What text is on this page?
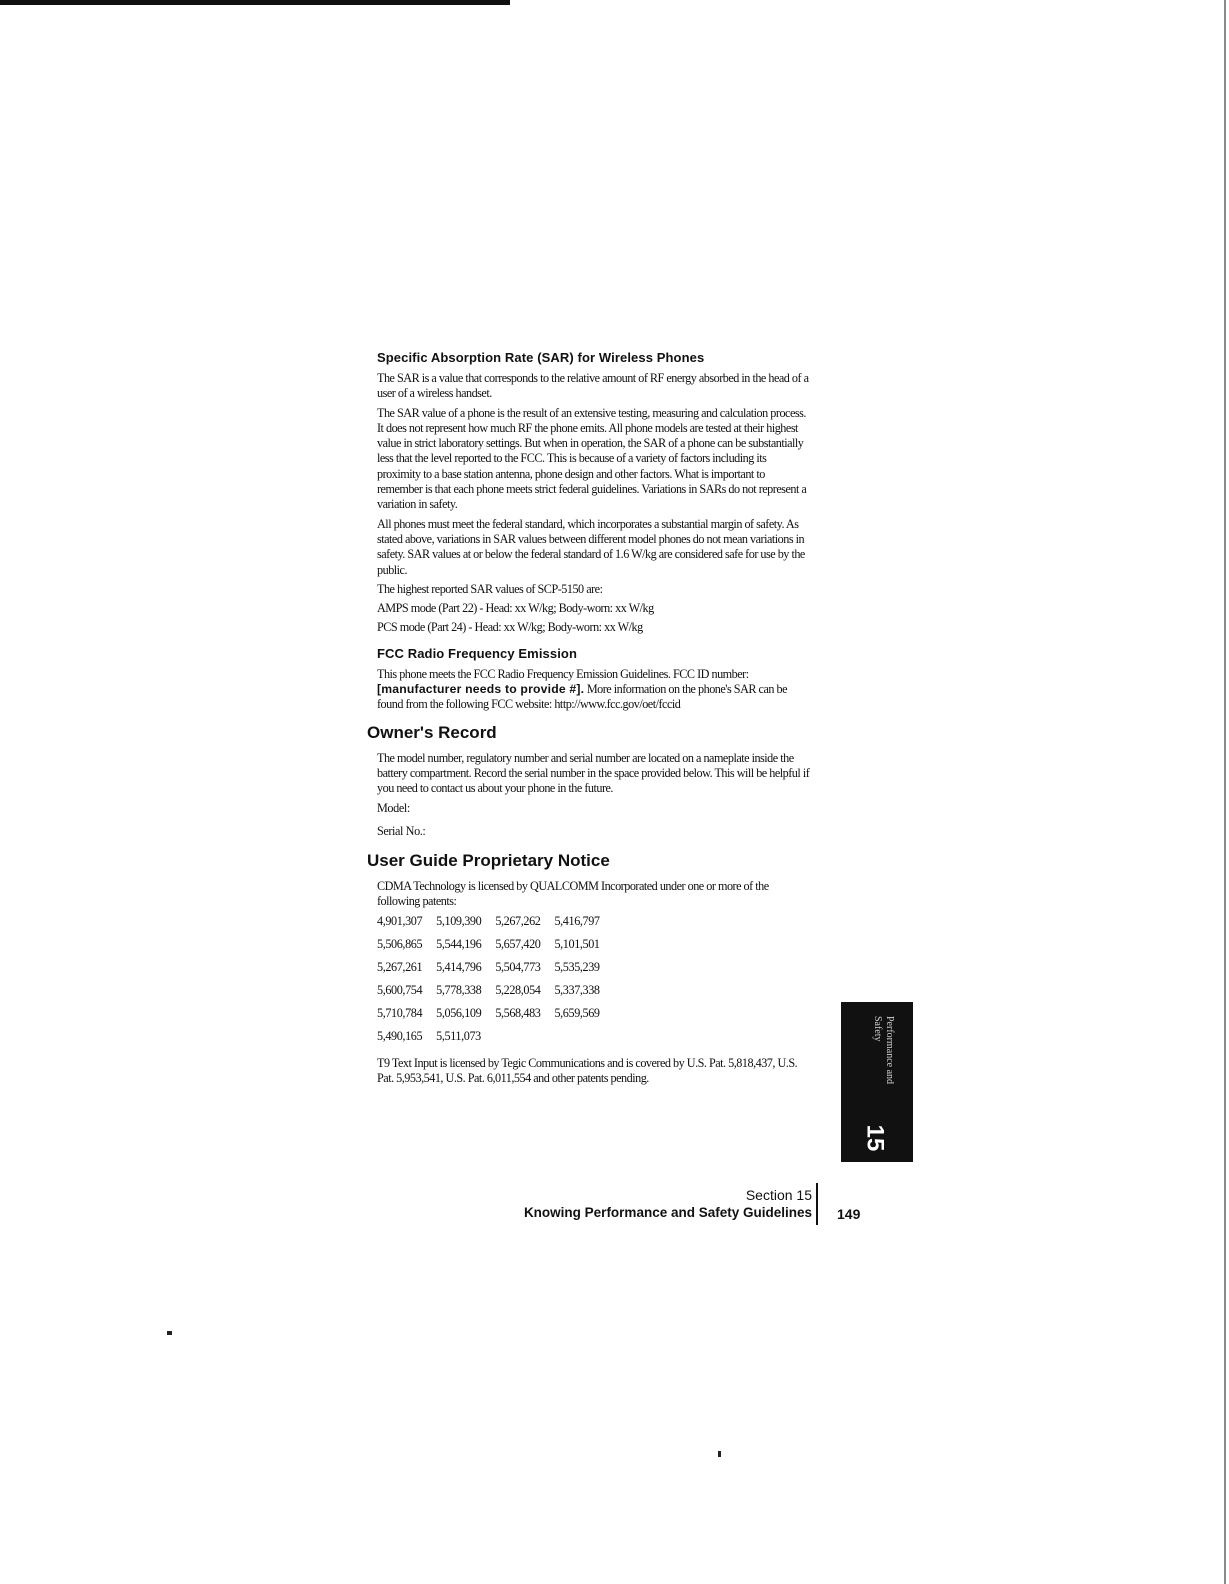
Specific Absorption Rate (SAR) for Wireless Phones

The SAR is a value that corresponds to the relative amount of RF energy absorbed in the head of a user of a wireless handset.

The SAR value of a phone is the result of an extensive testing, measuring and calculation process. It does not represent how much RF the phone emits. All phone models are tested at their highest value in strict laboratory settings. But when in operation, the SAR of a phone can be substantially less that the level reported to the FCC. This is because of a variety of factors including its proximity to a base station antenna, phone design and other factors. What is important to remember is that each phone meets strict federal guidelines. Variations in SARs do not represent a variation in safety.

All phones must meet the federal standard, which incorporates a substantial margin of safety. As stated above, variations in SAR values between different model phones do not mean variations in safety. SAR values at or below the federal standard of 1.6 W/kg are considered safe for use by the public.

The highest reported SAR values of SCP-5150 are:

AMPS mode (Part 22) - Head: xx W/kg; Body-worn: xx W/kg

PCS mode (Part 24) - Head: xx W/kg; Body-worn: xx W/kg

FCC Radio Frequency Emission

This phone meets the FCC Radio Frequency Emission Guidelines. FCC ID number: [manufacturer needs to provide #]. More information on the phone's SAR can be found from the following FCC website: http://www.fcc.gov/oet/fccid

Owner's Record

The model number, regulatory number and serial number are located on a nameplate inside the battery compartment. Record the serial number in the space provided below. This will be helpful if you need to contact us about your phone in the future.

Model:

Serial No.:

User Guide Proprietary Notice

CDMA Technology is licensed by QUALCOMM Incorporated under one or more of the following patents:

4,901,307	5,109,390	5,267,262	5,416,797
5,506,865	5,544,196	5,657,420	5,101,501
5,267,261	5,414,796	5,504,773	5,535,239
5,600,754	5,778,338	5,228,054	5,337,338
5,710,784	5,056,109	5,568,483	5,659,569
5,490,165	5,511,073		

T9 Text Input is licensed by Tegic Communications and is covered by U.S. Pat. 5,818,437, U.S. Pat. 5,953,541, U.S. Pat. 6,011,554 and other patents pending.	Performance and Safety
15
Section 15
Knowing Performance and Safety Guidelines 149
